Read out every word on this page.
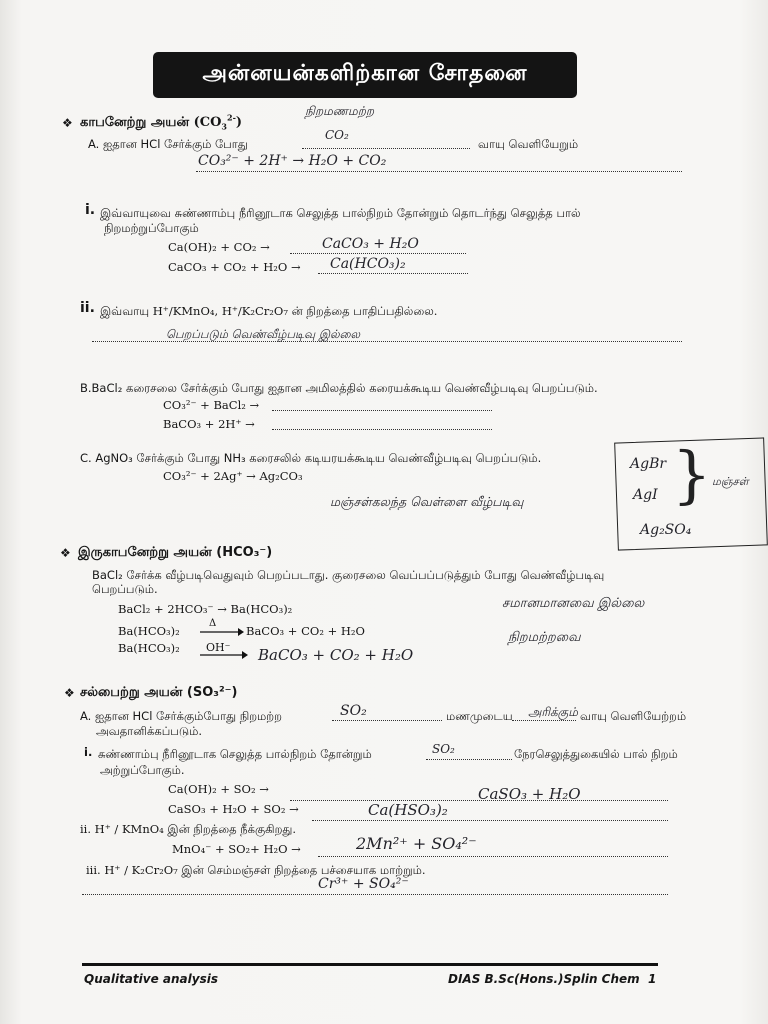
அன்னயன்களிற்கான சோதனை
❖ காபனேற்று அயன் $(CO_3^{2-})$
நிறமணமற்ற
CO₂
A. ஐதான HCl சேர்க்கும் போது	வாயு வெளியேறும்
CO₃²⁻ + 2H⁺ → H₂O + CO₂
i. இவ்வாயுவை சுண்ணாம்பு நீரினூடாக செலுத்த பால்நிறம் தோன்றும் தொடர்ந்து செலுத்த பால்
நிறமற்றுப்போகும்
Ca(OH)₂ + CO₂ →	CaCO₃ + H₂O
CaCO₃ + CO₂ + H₂O → Ca(HCO₃)₂
ii. இவ்வாயு H⁺/KMnO₄, H⁺/K₂Cr₂O₇ ன் நிறத்தை பாதிப்பதில்லை.
பெறப்படும் வெண்வீழ்படிவு இல்லை
B.BaCl₂ கரைசலை சேர்க்கும் போது ஐதான அமிலத்தில் கரையக்கூடிய வெண்வீழ்படிவு பெறப்படும்.
CO₃²⁻ + BaCl₂ →
BaCO₃ + 2H⁺ →
C. AgNO₃ சேர்க்கும் போது NH₃ கரைசலில் கடியரயக்கூடிய வெண்வீழ்படிவு பெறப்படும்.
CO₃²⁻ + 2Ag⁺ → Ag₂CO₃
மஞ்சள்கலந்த வெள்ளை வீழ்படிவு
AgBr
AgI
Ag₂SO₄
} மஞ்சள்
❖ இருகாபனேற்று அயன் (HCO₃⁻)
BaCl₂ சேர்க்க வீழ்படிவெதுவும் பெறப்படாது. குரைசலை வெப்பப்படுத்தும் போது வெண்வீழ்படிவு
பெறப்படும்.
BaCl₂ + 2HCO₃⁻ → Ba(HCO₃)₂
Ba(HCO₃)₂
Δ
BaCO₃ + CO₂ + H₂O
Ba(HCO₃)₂ OH⁻ BaCO₃ + CO₂ + H₂O
சமானமானவை இல்லை
நிறமற்றவை
❖ சல்பைற்று அயன் (SO₃²⁻)
A. ஐதான HCl சேர்க்கும்போது நிறமற்ற	SO₂	மணமுடைய அரிக்கும் வாயு வெளியேற்றம்
அவதானிக்கப்படும்.
i. சுண்ணாம்பு நீரினூடாக செலுத்த பால்நிறம் தோன்றும்	SO₂	நேரசெலுத்துகையில் பால் நிறம்
அற்றுப்போகும்.
Ca(OH)₂ + SO₂ →	CaSO₃ + H₂O
CaSO₃ + H₂O + SO₂ →	Ca(HSO₃)₂
ii. H⁺ / KMnO₄ இன் நிறத்தை நீக்குகிறது.
MnO₄⁻ + SO₂+ H₂O →	2Mn²⁺ + SO₄²⁻
iii. H⁺ / K₂Cr₂O₇ இன் செம்மஞ்சள் நிறத்தை பச்சையாக மாற்றும்.
Cr³⁺ + SO₄²⁻
Qualitative analysis	DIAS B.Sc(Hons.)Splin Chem 1
